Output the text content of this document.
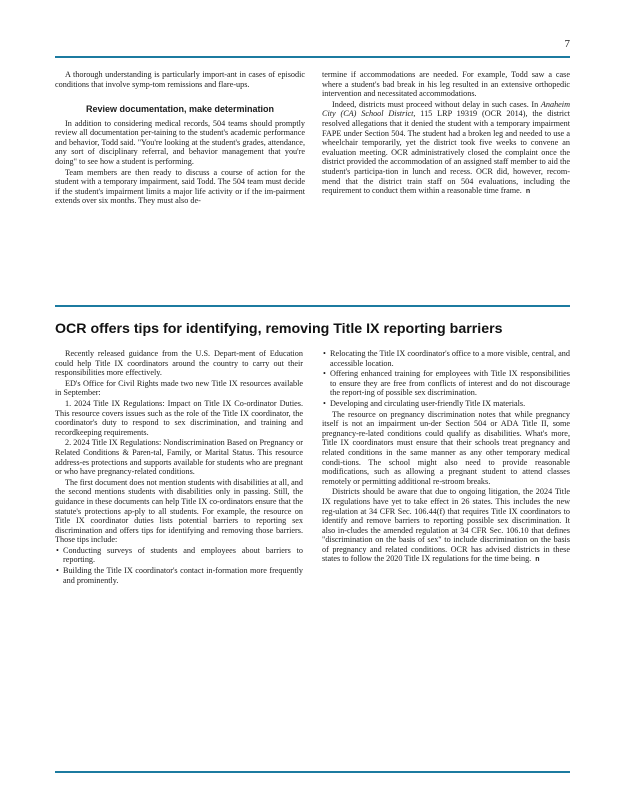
7

A thorough understanding is particularly import-ant in cases of episodic conditions that involve symp-tom remissions and flare-ups.

Review documentation, make determination

In addition to considering medical records, 504 teams should promptly review all documentation per-taining to the student's academic performance and behavior, Todd said. "You're looking at the student's grades, attendance, any sort of disciplinary referral, and behavior management that you're doing" to see how a student is performing.

Team members are then ready to discuss a course of action for the student with a temporary impairment, said Todd. The 504 team must decide if the student's impairment limits a major life activity or if the im-pairment extends over six months. They must also de-

termine if accommodations are needed. For example, Todd saw a case where a student's bad break in his leg resulted in an extensive orthopedic intervention and necessitated accommodations.

Indeed, districts must proceed without delay in such cases. In Anaheim City (CA) School District, 115 LRP 19319 (OCR 2014), the district resolved allegations that it denied the student with a temporary impairment FAPE under Section 504. The student had a broken leg and needed to use a wheelchair temporarily, yet the district took five weeks to convene an evaluation meeting. OCR administratively closed the complaint once the district provided the accommodation of an assigned staff member to aid the student's participa-tion in lunch and recess. OCR did, however, recom-mend that the district train staff on 504 evaluations, including the requirement to conduct them within a reasonable time frame. n

OCR offers tips for identifying, removing Title IX reporting barriers

Recently released guidance from the U.S. Depart-ment of Education could help Title IX coordinators around the country to carry out their responsibilities more effectively.

ED's Office for Civil Rights made two new Title IX resources available in September:

1. 2024 Title IX Regulations: Impact on Title IX Co-ordinator Duties. This resource covers issues such as the role of the Title IX coordinator, the coordinator's duty to respond to sex discrimination, and training and recordkeeping requirements.

2. 2024 Title IX Regulations: Nondiscrimination Based on Pregnancy or Related Conditions & Paren-tal, Family, or Marital Status. This resource address-es protections and supports available for students who are pregnant or who have pregnancy-related conditions.

The first document does not mention students with disabilities at all, and the second mentions students with disabilities only in passing. Still, the guidance in these documents can help Title IX co-ordinators ensure that the statute's protections ap-ply to all students. For example, the resource on Title IX coordinator duties lists potential barriers to reporting sex discrimination and offers tips for identifying and removing those barriers. Those tips include:

• Conducting surveys of students and employees about barriers to reporting.

• Building the Title IX coordinator's contact in-formation more frequently and prominently.

• Relocating the Title IX coordinator's office to a more visible, central, and accessible location.

• Offering enhanced training for employees with Title IX responsibilities to ensure they are free from conflicts of interest and do not discourage the report-ing of possible sex discrimination.

• Developing and circulating user-friendly Title IX materials.

The resource on pregnancy discrimination notes that while pregnancy itself is not an impairment un-der Section 504 or ADA Title II, some pregnancy-re-lated conditions could qualify as disabilities. What's more, Title IX coordinators must ensure that their schools treat pregnancy and related conditions in the same manner as any other temporary medical condi-tions. The school might also need to provide reasonable modifications, such as allowing a pregnant student to attend classes remotely or permitting additional re-stroom breaks.

Districts should be aware that due to ongoing litigation, the 2024 Title IX regulations have yet to take effect in 26 states. This includes the new reg-ulation at 34 CFR Sec. 106.44(f) that requires Title IX coordinators to identify and remove barriers to reporting possible sex discrimination. It also in-cludes the amended regulation at 34 CFR Sec. 106.10 that defines "discrimination on the basis of sex" to include discrimination on the basis of pregnancy and related conditions. OCR has advised districts in these states to follow the 2020 Title IX regulations for the time being. n
